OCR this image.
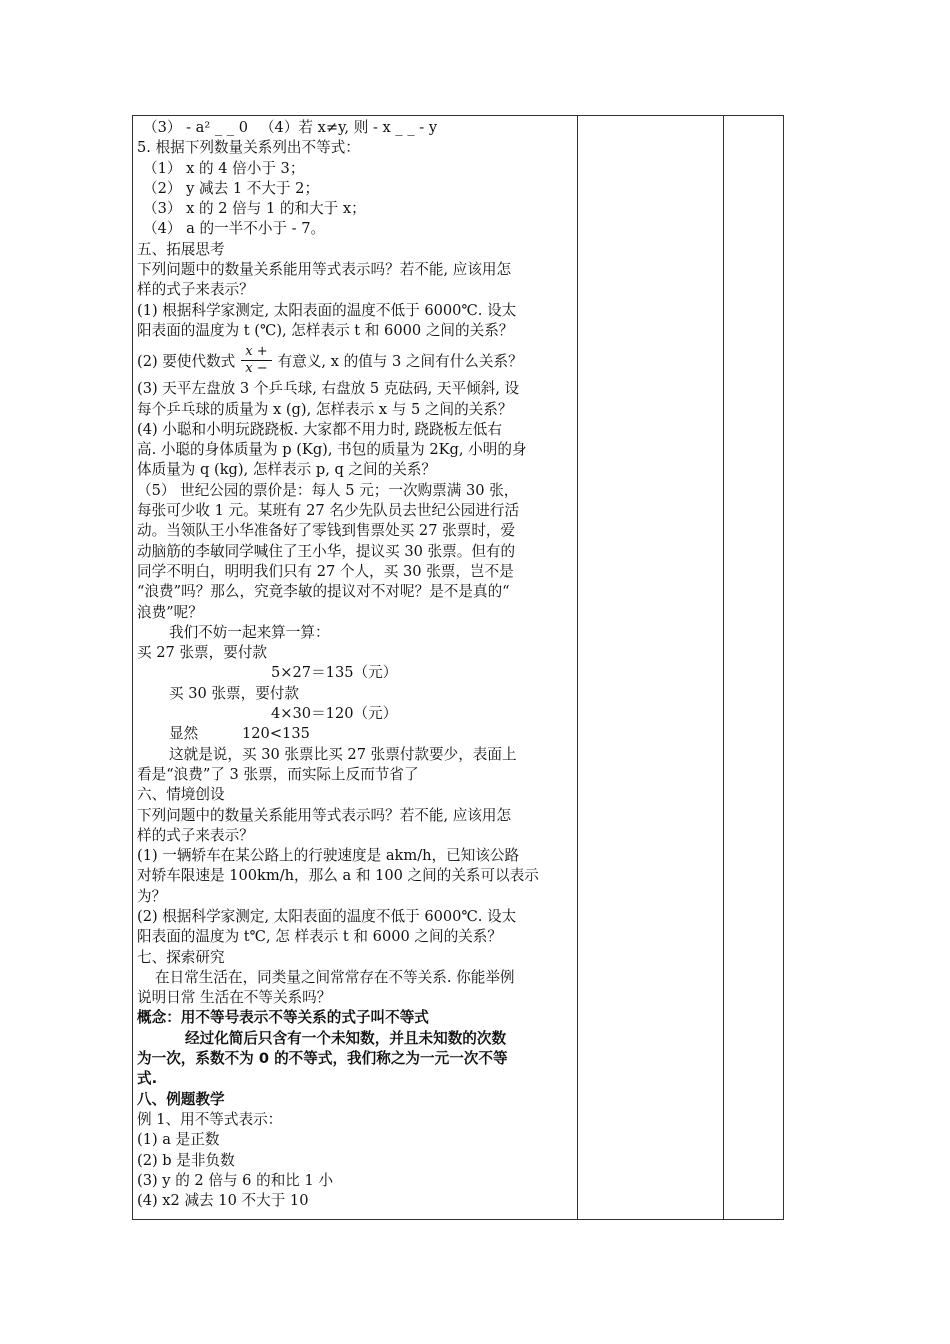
（3） - a² _ _ 0 　（4）若 x≠y, 则 - x _ _ - y
5. 根据下列数量关系列出不等式：
（1） x 的 4 倍小于 3；
（2） y 减去 1 不大于 2；
（3） x 的 2 倍与 1 的和大于 x；
（4） a 的一半不小于 - 7。
五、拓展思考
下列问题中的数量关系能用等式表示吗？若不能, 应该用怎
样的式子来表示？
(1) 根据科学家测定, 太阳表面的温度不低于 6000℃. 设太
阳表面的温度为 t (℃), 怎样表示 t 和 6000 之间的关系？
(2) 要使代数式 $\frac{x +}{x -}$ 有意义, x 的值与 3 之间有什么关系？
(3) 天平左盘放 3 个乒乓球, 右盘放 5 克砝码, 天平倾斜, 设
每个乒乓球的质量为 x (g), 怎样表示 x 与 5 之间的关系？
(4) 小聪和小明玩跷跷板. 大家都不用力时, 跷跷板左低右
高. 小聪的身体质量为 p (Kg), 书包的质量为 2Kg, 小明的身
体质量为 q (kg), 怎样表示 p, q 之间的关系？
（5） 世纪公园的票价是：每人 5 元；一次购票满 30 张，
每张可少收 1 元。某班有 27 名少先队员去世纪公园进行活
动。当领队王小华准备好了零钱到售票处买 27 张票时，爱
动脑筋的李敏同学喊住了王小华，提议买 30 张票。但有的
同学不明白，明明我们只有 27 个人，买 30 张票，岂不是
“浪费”吗？那么，究竟李敏的提议对不对呢？是不是真的“
浪费”呢？
我们不妨一起来算一算：
买 27 张票，要付款
5×27＝135（元）
买 30 张票，要付款
4×30＝120（元）
显然　　　120<135
这就是说，买 30 张票比买 27 张票付款要少，表面上
看是“浪费”了 3 张票，而实际上反而节省了
六、情境创设
下列问题中的数量关系能用等式表示吗？若不能, 应该用怎
样的式子来表示？
(1) 一辆轿车在某公路上的行驶速度是 akm/h，已知该公路
对轿车限速是 100km/h，那么 a 和 100 之间的关系可以表示
为？
(2) 根据科学家测定, 太阳表面的温度不低于 6000℃. 设太
阳表面的温度为 t℃, 怎 样表示 t 和 6000 之间的关系？
七、探索研究
在日常生活在，同类量之间常常存在不等关系. 你能举例
说明日常 生活在不等关系吗？
概念：用不等号表示不等关系的式子叫不等式
经过化简后只含有一个未知数，并且未知数的次数
为一次，系数不为 0 的不等式，我们称之为一元一次不等
式.
八、例题教学
例 1、用不等式表示：
(1) a 是正数
(2) b 是非负数
(3) y 的 2 倍与 6 的和比 1 小
(4) x2 减去 10 不大于 10
